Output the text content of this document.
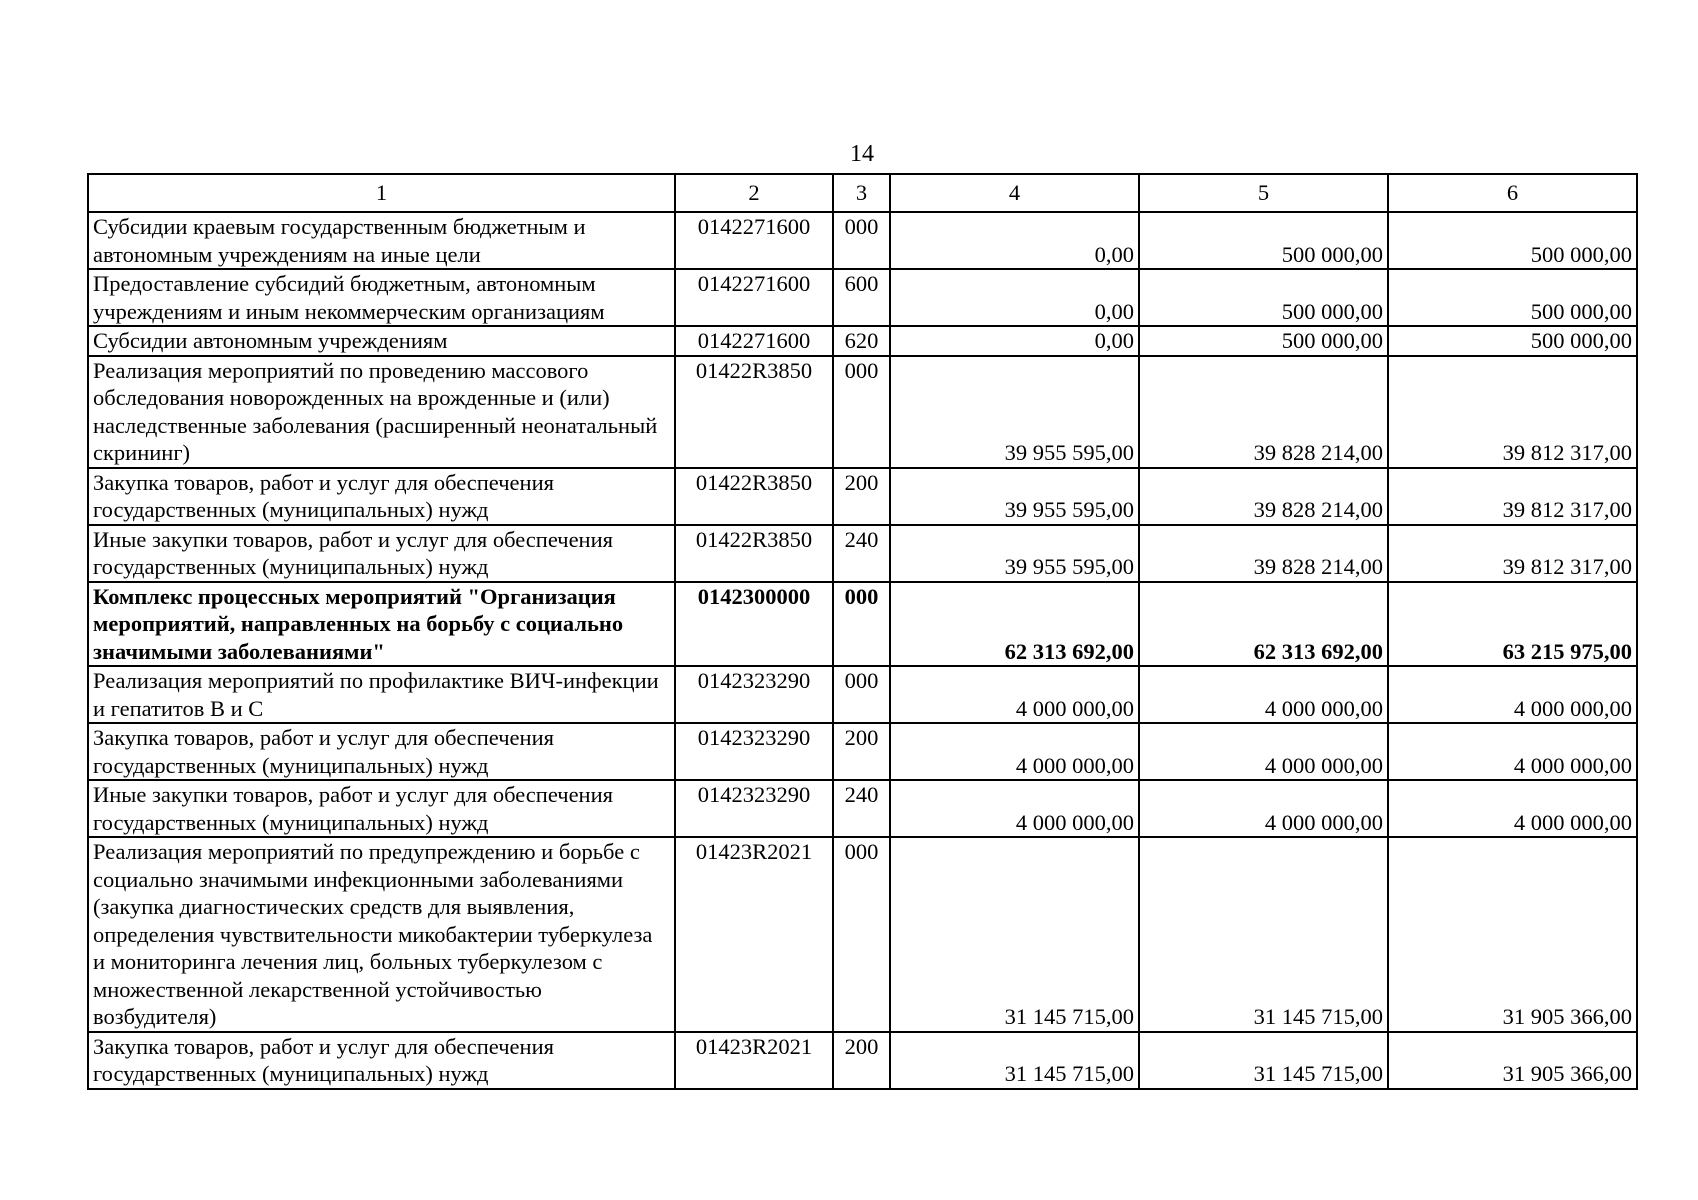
14
1	2	3	4	5	6
Субсидии краевым государственным бюджетным и автономным учреждениям на иные цели	0142271600	000	0,00	500 000,00	500 000,00
Предоставление субсидий бюджетным, автономным учреждениям и иным некоммерческим организациям	0142271600	600	0,00	500 000,00	500 000,00
Субсидии автономным учреждениям	0142271600	620	0,00	500 000,00	500 000,00
Реализация мероприятий по проведению массового обследования новорожденных на врожденные и (или) наследственные заболевания (расширенный неонатальный скрининг)	01422R3850	000	39 955 595,00	39 828 214,00	39 812 317,00
Закупка товаров, работ и услуг для обеспечения государственных (муниципальных) нужд	01422R3850	200	39 955 595,00	39 828 214,00	39 812 317,00
Иные закупки товаров, работ и услуг для обеспечения государственных (муниципальных) нужд	01422R3850	240	39 955 595,00	39 828 214,00	39 812 317,00
Комплекс процессных мероприятий "Организация мероприятий, направленных на борьбу с социально значимыми заболеваниями"	0142300000	000	62 313 692,00	62 313 692,00	63 215 975,00
Реализация мероприятий по профилактике ВИЧ-инфекции и гепатитов B и C	0142323290	000	4 000 000,00	4 000 000,00	4 000 000,00
Закупка товаров, работ и услуг для обеспечения государственных (муниципальных) нужд	0142323290	200	4 000 000,00	4 000 000,00	4 000 000,00
Иные закупки товаров, работ и услуг для обеспечения государственных (муниципальных) нужд	0142323290	240	4 000 000,00	4 000 000,00	4 000 000,00
Реализация мероприятий по предупреждению и борьбе с социально значимыми инфекционными заболеваниями (закупка диагностических средств для выявления, определения чувствительности микобактерии туберкулеза и мониторинга лечения лиц, больных туберкулезом с множественной лекарственной устойчивостью возбудителя)	01423R2021	000	31 145 715,00	31 145 715,00	31 905 366,00
Закупка товаров, работ и услуг для обеспечения государственных (муниципальных) нужд	01423R2021	200	31 145 715,00	31 145 715,00	31 905 366,00
